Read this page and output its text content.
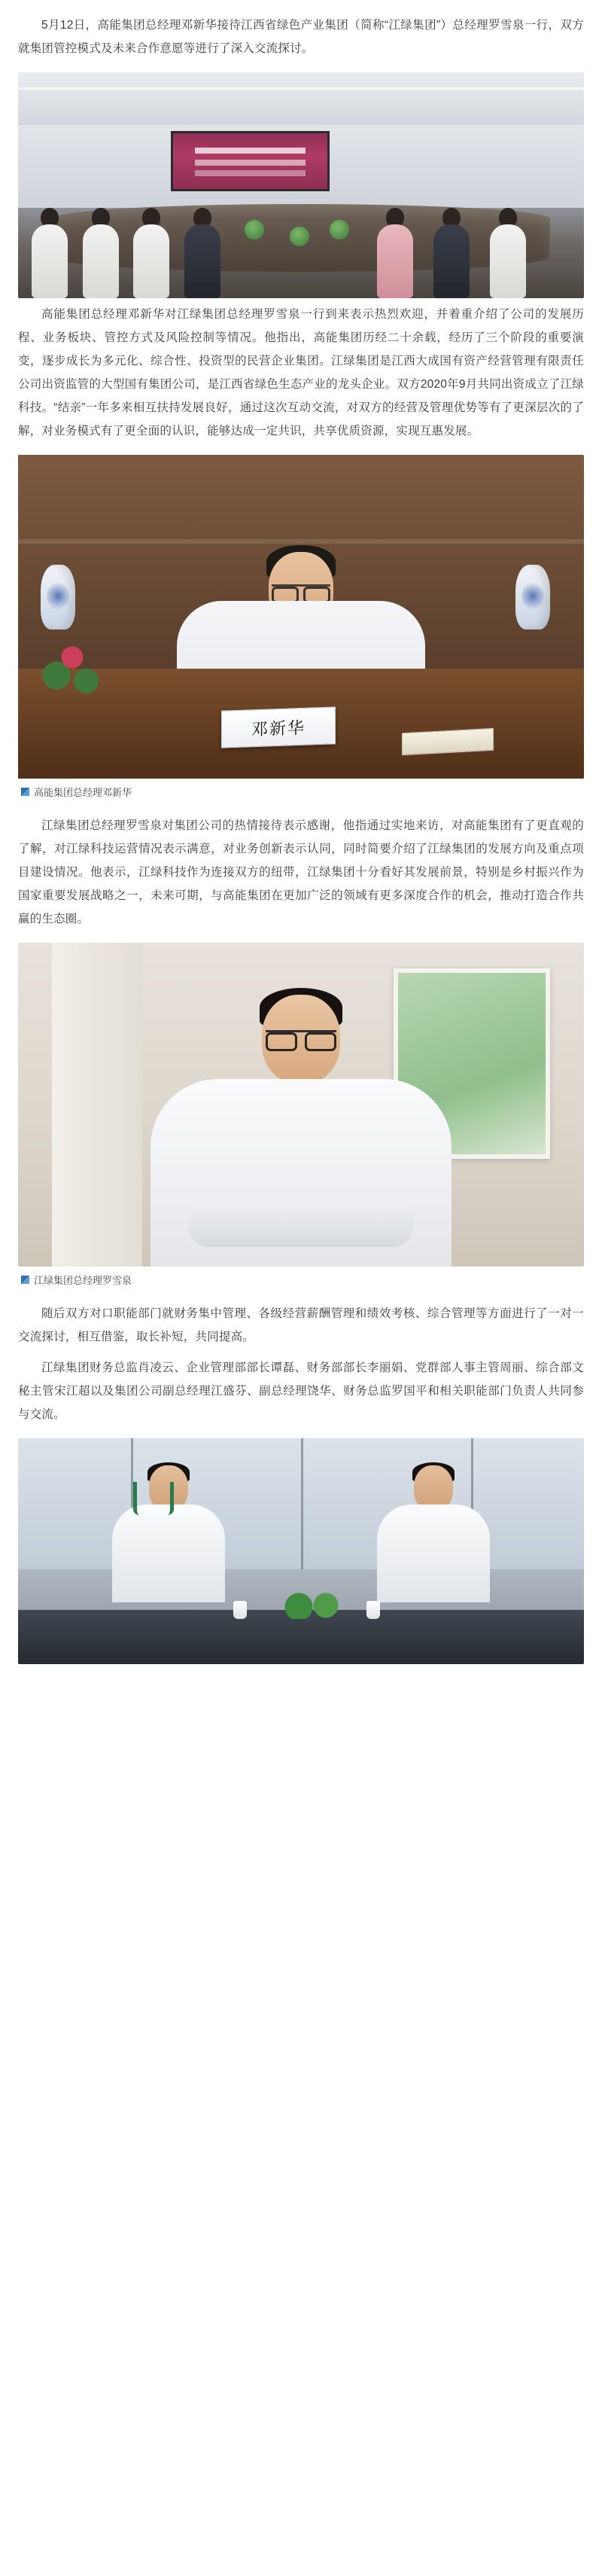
5月12日，高能集团总经理邓新华接待江西省绿色产业集团（简称“江绿集团”）总经理罗雪泉一行，双方就集团管控模式及未来合作意愿等进行了深入交流探讨。

高能集团总经理邓新华对江绿集团总经理罗雪泉一行到来表示热烈欢迎，并着重介绍了公司的发展历程、业务板块、管控方式及风险控制等情况。他指出，高能集团历经二十余载，经历了三个阶段的重要演变，逐步成长为多元化、综合性、投资型的民营企业集团。江绿集团是江西大成国有资产经营管理有限责任公司出资监管的大型国有集团公司，是江西省绿色生态产业的龙头企业。双方2020年9月共同出资成立了江绿科技。“结亲”一年多来相互扶持发展良好，通过这次互动交流，对双方的经营及管理优势等有了更深层次的了解，对业务模式有了更全面的认识，能够达成一定共识，共享优质资源，实现互惠发展。

邓新华
高能集团总经理邓新华

江绿集团总经理罗雪泉对集团公司的热情接待表示感谢，他指通过实地来访，对高能集团有了更直观的了解，对江绿科技运营情况表示满意，对业务创新表示认同，同时简要介绍了江绿集团的发展方向及重点项目建设情况。他表示，江绿科技作为连接双方的纽带，江绿集团十分看好其发展前景，特别是乡村振兴作为国家重要发展战略之一，未来可期，与高能集团在更加广泛的领域有更多深度合作的机会，推动打造合作共赢的生态圈。

江绿集团总经理罗雪泉

随后双方对口职能部门就财务集中管理、各级经营薪酬管理和绩效考核、综合管理等方面进行了一对一交流探讨，相互借鉴，取长补短，共同提高。

江绿集团财务总监肖凌云、企业管理部部长谭磊、财务部部长李丽娟、党群部人事主管周丽、综合部文秘主管宋江超以及集团公司副总经理江盛芬、副总经理饶华、财务总监罗国平和相关职能部门负责人共同参与交流。
